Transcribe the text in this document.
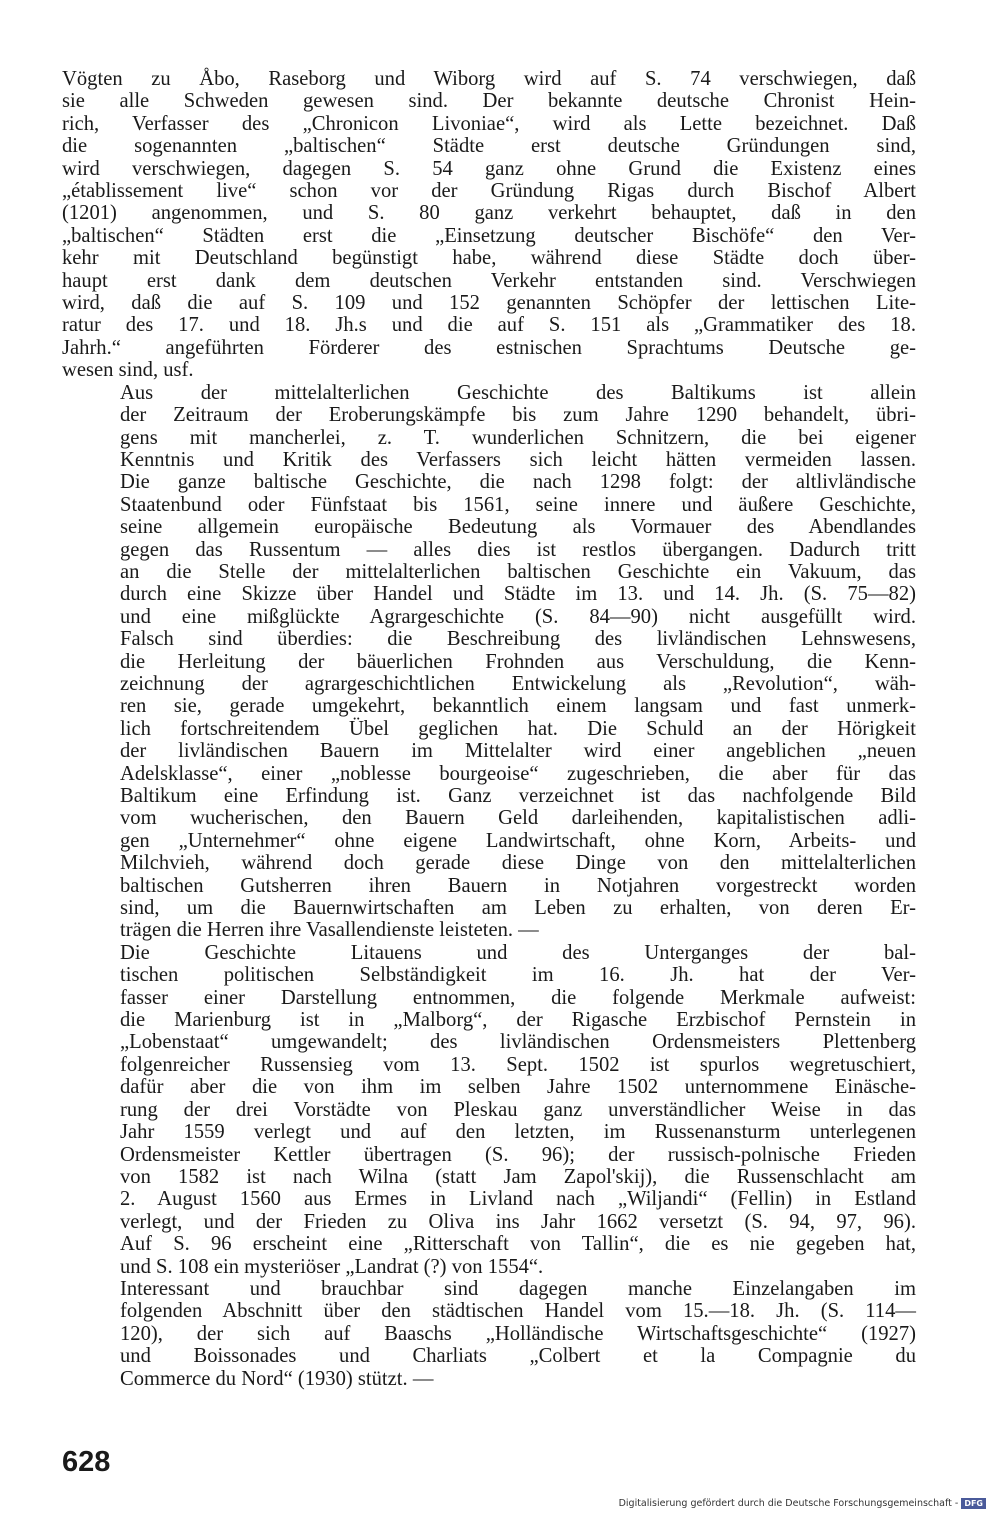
Vögten zu Åbo, Raseborg und Wiborg wird auf S. 74 verschwiegen, daß
sie alle Schweden gewesen sind. Der bekannte deutsche Chronist Hein-
rich, Verfasser des „Chronicon Livoniae“, wird als Lette bezeichnet. Daß
die sogenannten „baltischen“ Städte erst deutsche Gründungen sind,
wird verschwiegen, dagegen S. 54 ganz ohne Grund die Existenz eines
„établissement live“ schon vor der Gründung Rigas durch Bischof Albert
(1201) angenommen, und S. 80 ganz verkehrt behauptet, daß in den
„baltischen“ Städten erst die „Einsetzung deutscher Bischöfe“ den Ver-
kehr mit Deutschland begünstigt habe, während diese Städte doch über-
haupt erst dank dem deutschen Verkehr entstanden sind. Verschwiegen
wird, daß die auf S. 109 und 152 genannten Schöpfer der lettischen Lite-
ratur des 17. und 18. Jh.s und die auf S. 151 als „Grammatiker des 18.
Jahrh.“ angeführten Förderer des estnischen Sprachtums Deutsche ge-
wesen sind, usf.
Aus der mittelalterlichen Geschichte des Baltikums ist allein
der Zeitraum der Eroberungskämpfe bis zum Jahre 1290 behandelt, übri-
gens mit mancherlei, z. T. wunderlichen Schnitzern, die bei eigener
Kenntnis und Kritik des Verfassers sich leicht hätten vermeiden lassen.
Die ganze baltische Geschichte, die nach 1298 folgt: der altlivländische
Staatenbund oder Fünfstaat bis 1561, seine innere und äußere Geschichte,
seine allgemein europäische Bedeutung als Vormauer des Abendlandes
gegen das Russentum — alles dies ist restlos übergangen. Dadurch tritt
an die Stelle der mittelalterlichen baltischen Geschichte ein Vakuum, das
durch eine Skizze über Handel und Städte im 13. und 14. Jh. (S. 75—82)
und eine mißglückte Agrargeschichte (S. 84—90) nicht ausgefüllt wird.
Falsch sind überdies: die Beschreibung des livländischen Lehnswesens,
die Herleitung der bäuerlichen Frohnden aus Verschuldung, die Kenn-
zeichnung der agrargeschichtlichen Entwickelung als „Revolution“, wäh-
ren sie, gerade umgekehrt, bekanntlich einem langsam und fast unmerk-
lich fortschreitendem Übel geglichen hat. Die Schuld an der Hörigkeit
der livländischen Bauern im Mittelalter wird einer angeblichen „neuen
Adelsklasse“, einer „noblesse bourgeoise“ zugeschrieben, die aber für das
Baltikum eine Erfindung ist. Ganz verzeichnet ist das nachfolgende Bild
vom wucherischen, den Bauern Geld darleihenden, kapitalistischen adli-
gen „Unternehmer“ ohne eigene Landwirtschaft, ohne Korn, Arbeits- und
Milchvieh, während doch gerade diese Dinge von den mittelalterlichen
baltischen Gutsherren ihren Bauern in Notjahren vorgestreckt worden
sind, um die Bauernwirtschaften am Leben zu erhalten, von deren Er-
trägen die Herren ihre Vasallendienste leisteten. —
Die Geschichte Litauens und des Unterganges der bal-
tischen politischen Selbständigkeit im 16. Jh. hat der Ver-
fasser einer Darstellung entnommen, die folgende Merkmale aufweist:
die Marienburg ist in „Malborg“, der Rigasche Erzbischof Pernstein in
„Lobenstaat“ umgewandelt; des livländischen Ordensmeisters Plettenberg
folgenreicher Russensieg vom 13. Sept. 1502 ist spurlos wegretuschiert,
dafür aber die von ihm im selben Jahre 1502 unternommene Einäsche-
rung der drei Vorstädte von Pleskau ganz unverständlicher Weise in das
Jahr 1559 verlegt und auf den letzten, im Russenansturm unterlegenen
Ordensmeister Kettler übertragen (S. 96); der russisch-polnische Frieden
von 1582 ist nach Wilna (statt Jam Zapol'skij), die Russenschlacht am
2. August 1560 aus Ermes in Livland nach „Wiljandi“ (Fellin) in Estland
verlegt, und der Frieden zu Oliva ins Jahr 1662 versetzt (S. 94, 97, 96).
Auf S. 96 erscheint eine „Ritterschaft von Tallin“, die es nie gegeben hat,
und S. 108 ein mysteriöser „Landrat (?) von 1554“.
Interessant und brauchbar sind dagegen manche Einzelangaben im
folgenden Abschnitt über den städtischen Handel vom 15.—18. Jh. (S. 114—
120), der sich auf Baaschs „Holländische Wirtschaftsgeschichte“ (1927)
und Boissonades und Charliats „Colbert et la Compagnie du
Commerce du Nord“ (1930) stützt. —
628
Digitalisierung gefördert durch die Deutsche Forschungsgemeinschaft - DFG
